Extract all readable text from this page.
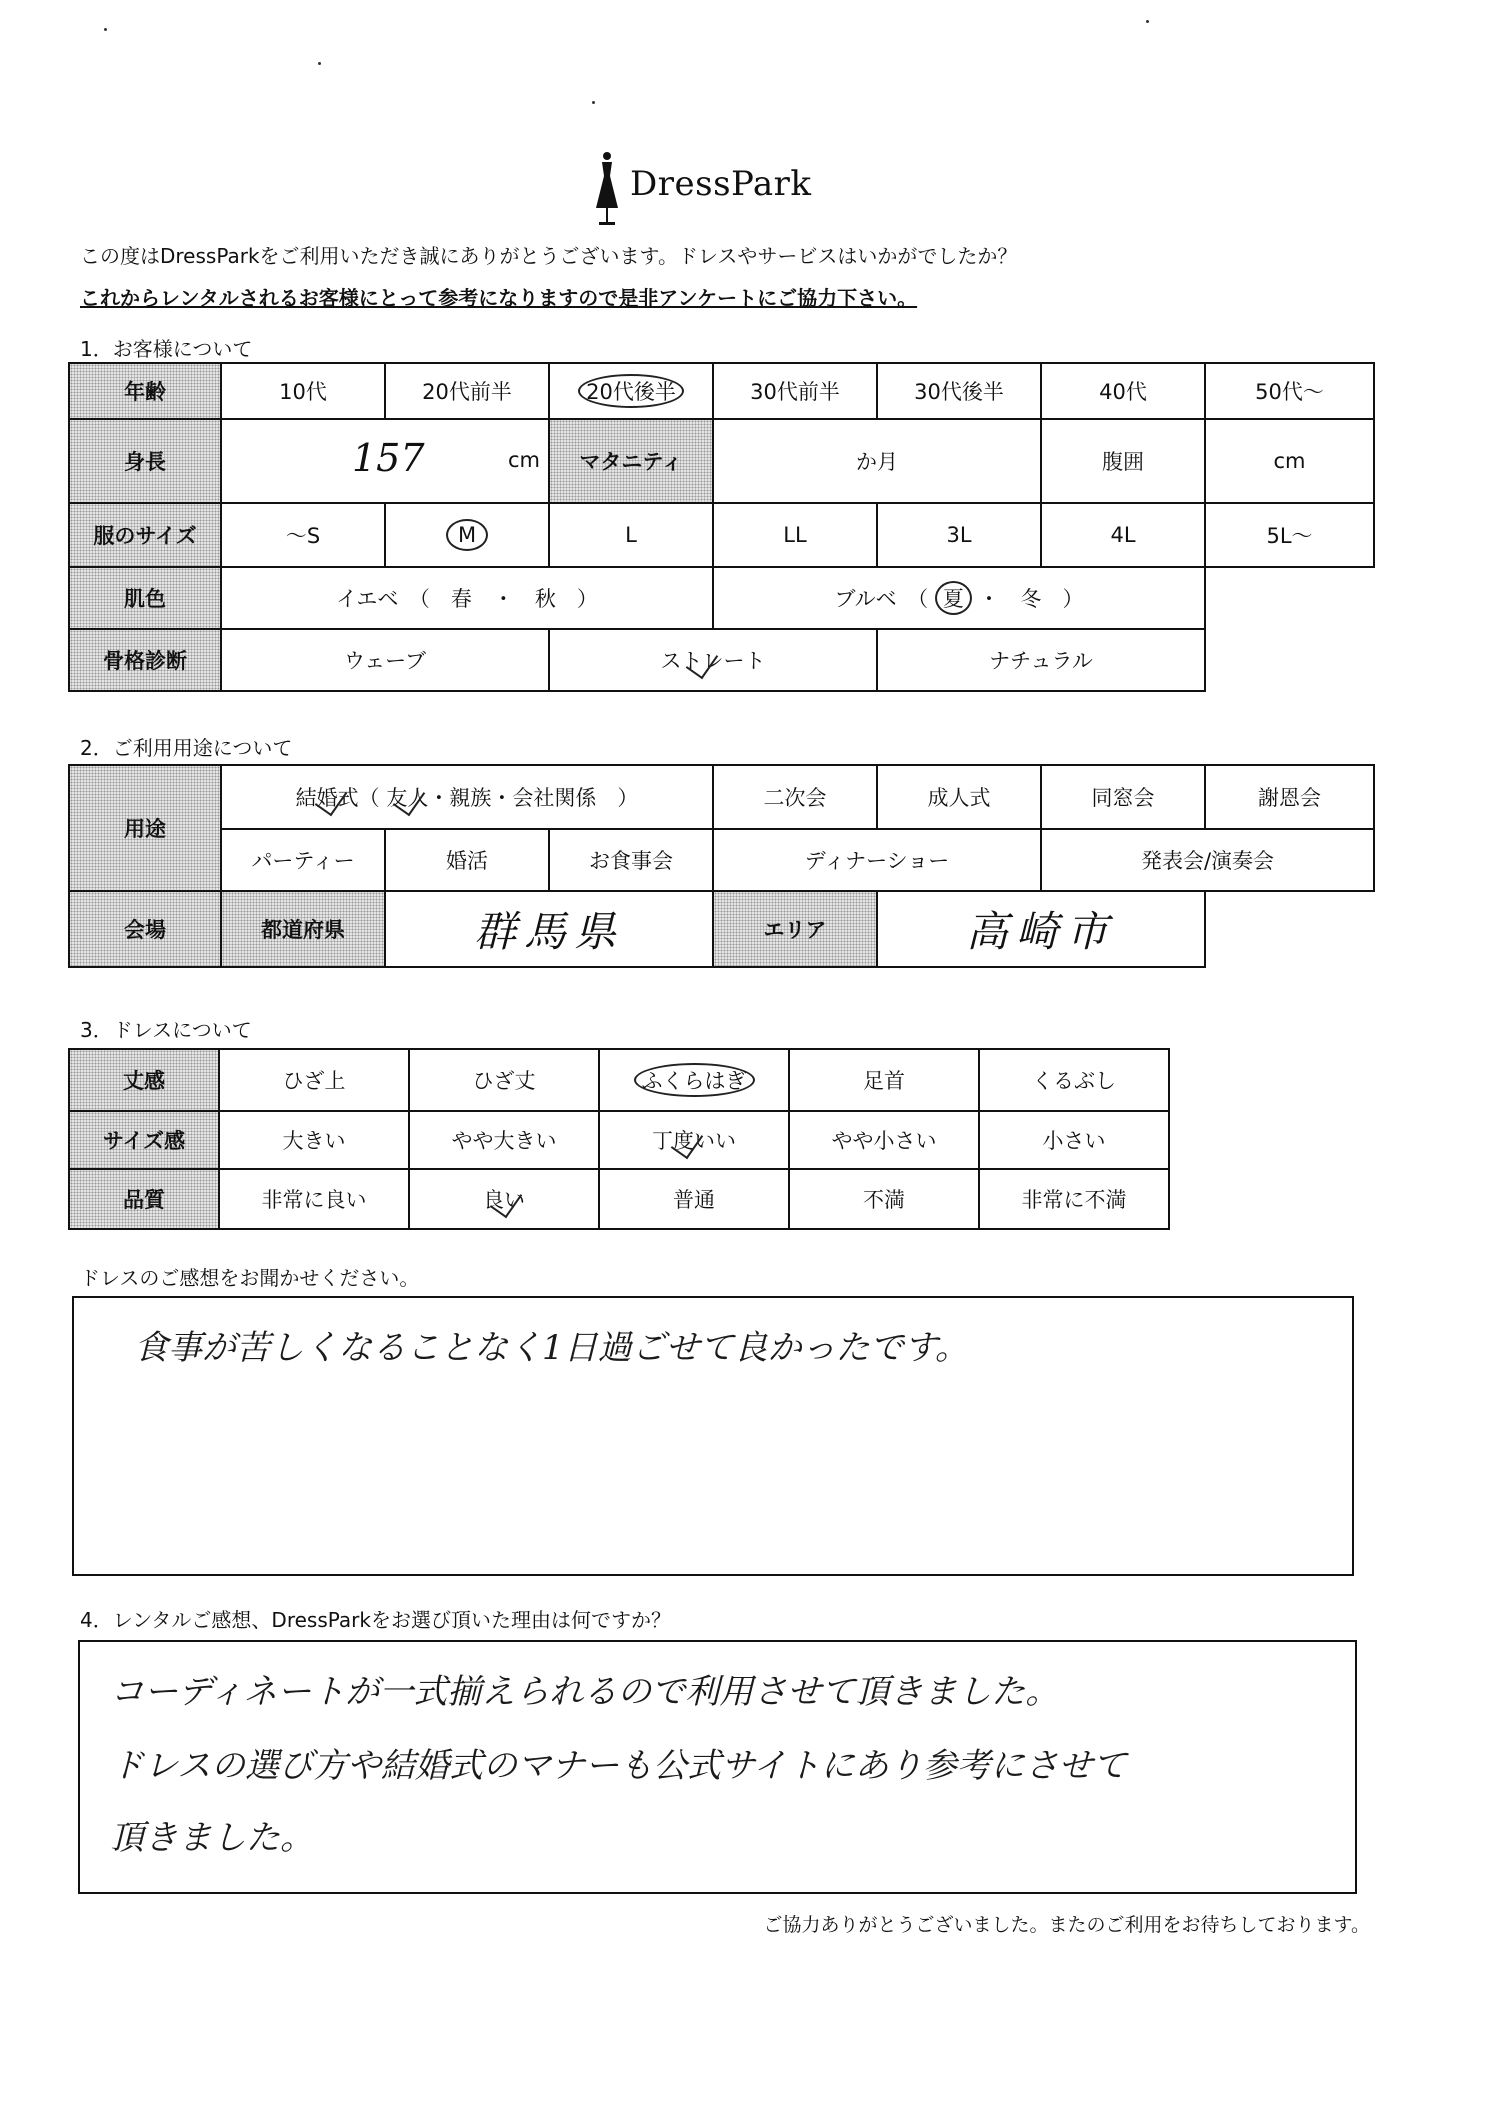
DressPark
この度はDressParkをご利用いただき誠にありがとうございます。ドレスやサービスはいかがでしたか？
これからレンタルされるお客様にとって参考になりますので是非アンケートにご協力下さい。
1．お客様について
年齢	10代	20代前半	20代後半	30代前半	30代後半	40代	50代～
身長	157 cm		マタニティ	か月		腹囲	cm
服のサイズ	～S	M	L	LL	3L	4L	5L～
肌色	イエベ　（　春　・　秋　）			ブルベ　（ 夏 ・　冬　）			
骨格診断	ウェーブ		ストレート		ナチュラル		
2．ご利用用途について
用途	結婚式（ 友人・親族・会社関係　）			二次会	成人式	同窓会	謝恩会
	パーティー	婚活	お食事会	ディナーショー		発表会/演奏会	
会場	都道府県	群馬県		エリア	高崎市		
3．ドレスについて
丈感	ひざ上	ひざ丈	ふくらはぎ	足首	くるぶし
サイズ感	大きい	やや大きい	丁度いい	やや小さい	小さい
品質	非常に良い	良い	普通	不満	非常に不満
ドレスのご感想をお聞かせください。
食事が苦しくなることなく1日過ごせて良かったです。
4．レンタルご感想、DressParkをお選び頂いた理由は何ですか？
コーディネートが一式揃えられるので利用させて頂きました。
ドレスの選び方や結婚式のマナーも公式サイトにあり参考にさせて
頂きました。
ご協力ありがとうございました。またのご利用をお待ちしております。
